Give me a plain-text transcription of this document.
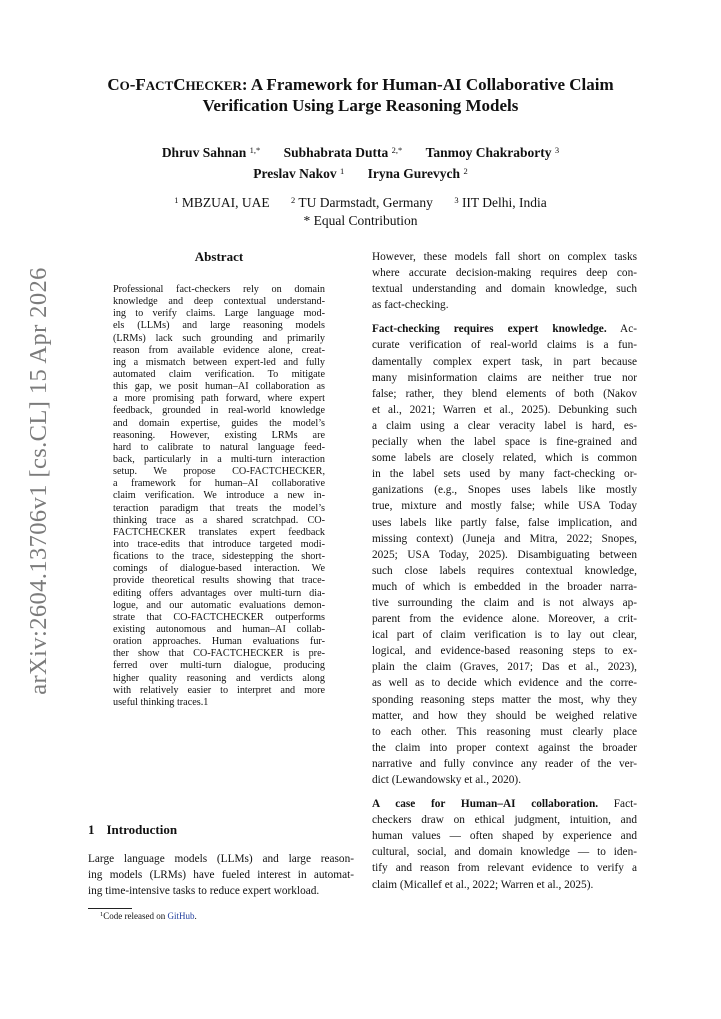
arXiv:2604.13706v1 [cs.CL] 15 Apr 2026
CO-FACTCHECKER: A Framework for Human-AI Collaborative Claim
Verification Using Large Reasoning Models
Dhruv Sahnan $^{1,*}$ Subhabrata Dutta $^{2,*}$ Tanmoy Chakraborty $^3$
Preslav Nakov $^1$ Iryna Gurevych $^2$
$^1$ MBZUAI, UAE	$^2$ TU Darmstadt, Germany	$^3$ IIT Delhi, India
* Equal Contribution
Abstract
Professional fact-checkers rely on domain
knowledge and deep contextual understand-
ing to verify claims. Large language mod-
els (LLMs) and large reasoning models
(LRMs) lack such grounding and primarily
reason from available evidence alone, creat-
ing a mismatch between expert-led and fully
automated claim verification. To mitigate
this gap, we posit human–AI collaboration as
a more promising path forward, where expert
feedback, grounded in real-world knowledge
and domain expertise, guides the model’s
reasoning. However, existing LRMs are
hard to calibrate to natural language feed-
back, particularly in a multi-turn interaction
setup. We propose CO-FACTCHECKER,
a framework for human–AI collaborative
claim verification. We introduce a new in-
teraction paradigm that treats the model’s
thinking trace as a shared scratchpad. CO-
FACTCHECKER translates expert feedback
into trace-edits that introduce targeted modi-
fications to the trace, sidestepping the short-
comings of dialogue-based interaction. We
provide theoretical results showing that trace-
editing offers advantages over multi-turn dia-
logue, and our automatic evaluations demon-
strate that CO-FACTCHECKER outperforms
existing autonomous and human–AI collab-
oration approaches. Human evaluations fur-
ther show that CO-FACTCHECKER is pre-
ferred over multi-turn dialogue, producing
higher quality reasoning and verdicts along
with relatively easier to interpret and more
useful thinking traces.1
1 Introduction
Large language models (LLMs) and large reason-
ing models (LRMs) have fueled interest in automat-
ing time-intensive tasks to reduce expert workload.
$^1$Code released on GitHub.
However, these models fall short on complex tasks
where accurate decision-making requires deep con-
textual understanding and domain knowledge, such
as fact-checking.
Fact-checking requires expert knowledge. Ac-
curate verification of real-world claims is a fun-
damentally complex expert task, in part because
many misinformation claims are neither true nor
false; rather, they blend elements of both (Nakov
et al., 2021; Warren et al., 2025). Debunking such
a claim using a clear veracity label is hard, es-
pecially when the label space is fine-grained and
some labels are closely related, which is common
in the label sets used by many fact-checking or-
ganizations (e.g., Snopes uses labels like mostly
true, mixture and mostly false; while USA Today
uses labels like partly false, false implication, and
missing context) (Juneja and Mitra, 2022; Snopes,
2025; USA Today, 2025). Disambiguating between
such close labels requires contextual knowledge,
much of which is embedded in the broader narra-
tive surrounding the claim and is not always ap-
parent from the evidence alone. Moreover, a crit-
ical part of claim verification is to lay out clear,
logical, and evidence-based reasoning steps to ex-
plain the claim (Graves, 2017; Das et al., 2023),
as well as to decide which evidence and the corre-
sponding reasoning steps matter the most, why they
matter, and how they should be weighed relative
to each other. This reasoning must clearly place
the claim into proper context against the broader
narrative and fully convince any reader of the ver-
dict (Lewandowsky et al., 2020).
A case for Human–AI collaboration. Fact-
checkers draw on ethical judgment, intuition, and
human values — often shaped by experience and
cultural, social, and domain knowledge — to iden-
tify and reason from relevant evidence to verify a
claim (Micallef et al., 2022; Warren et al., 2025).
